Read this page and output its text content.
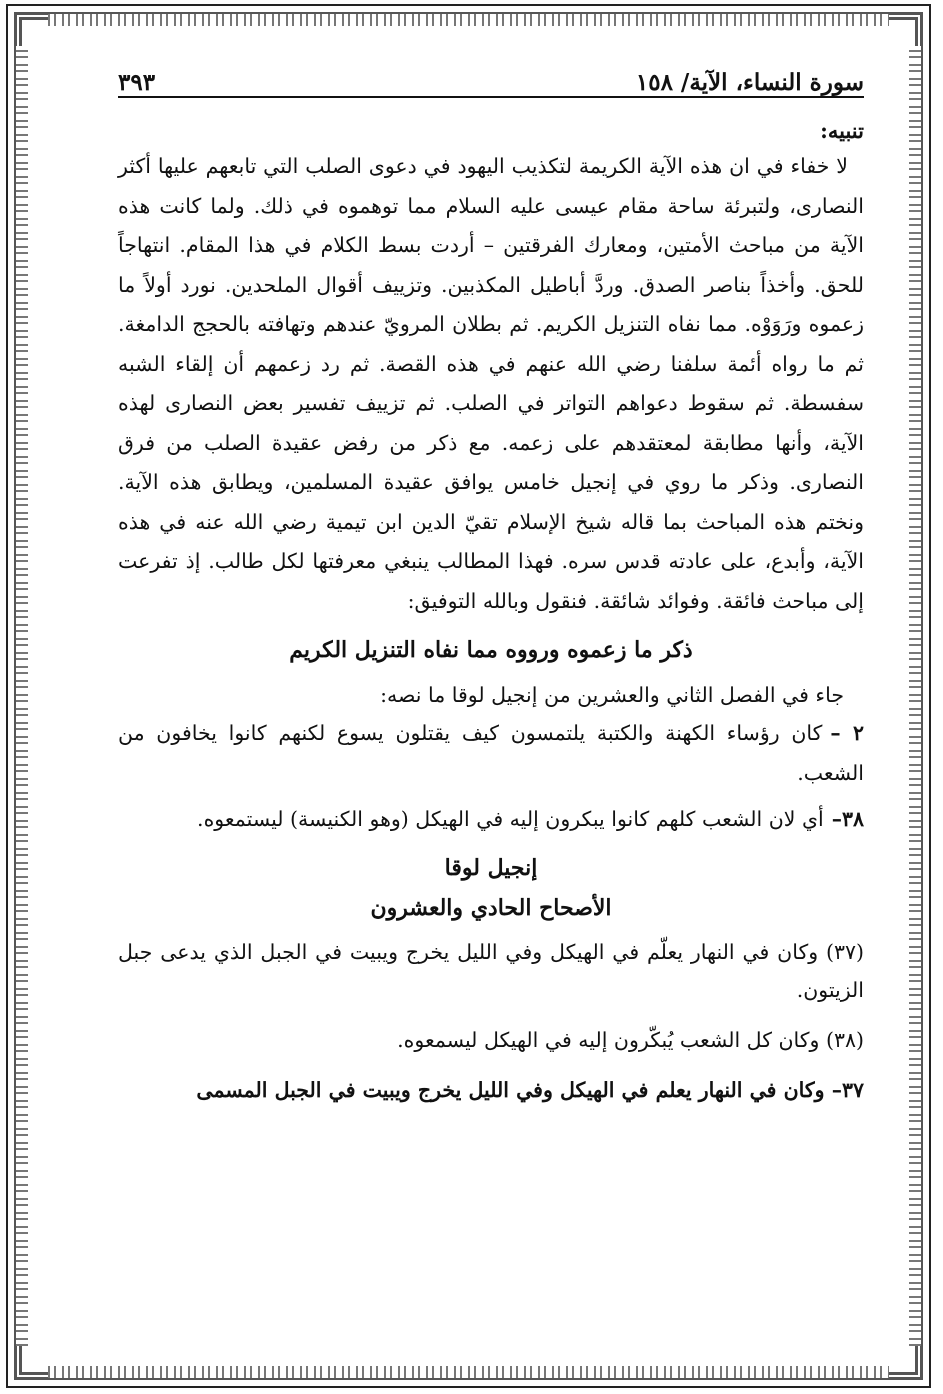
سورة النساء، الآية/ ١٥٨
٣٩٣
تنبيه:

لا خفاء في ان هذه الآية الكريمة لتكذيب اليهود في دعوى الصلب التي تابعهم عليها أكثر النصارى، ولتبرئة ساحة مقام عيسى عليه السلام مما توهموه في ذلك. ولما كانت هذه الآية من مباحث الأمتين، ومعارك الفرقتين – أردت بسط الكلام في هذا المقام. انتهاجاً للحق. وأخذاً بناصر الصدق. وردَّ أباطيل المكذبين. وتزييف أقوال الملحدين. نورد أولاً ما زعموه ورَوَوْه. مما نفاه التنزيل الكريم. ثم بطلان المرويّ عندهم وتهافته بالحجج الدامغة. ثم ما رواه أئمة سلفنا رضي الله عنهم في هذه القصة. ثم رد زعمهم أن إلقاء الشبه سفسطة. ثم سقوط دعواهم التواتر في الصلب. ثم تزييف تفسير بعض النصارى لهذه الآية، وأنها مطابقة لمعتقدهم على زعمه. مع ذكر من رفض عقيدة الصلب من فرق النصارى. وذكر ما روي في إنجيل خامس يوافق عقيدة المسلمين، ويطابق هذه الآية. ونختم هذه المباحث بما قاله شيخ الإسلام تقيّ الدين ابن تيمية رضي الله عنه في هذه الآية، وأبدع، على عادته قدس سره. فهذا المطالب ينبغي معرفتها لكل طالب. إذ تفرعت إلى مباحث فائقة. وفوائد شائقة. فنقول وبالله التوفيق:

ذكر ما زعموه ورووه مما نفاه التنزيل الكريم
جاء في الفصل الثاني والعشرين من إنجيل لوقا ما نصه:
٢ –كان رؤساء الكهنة والكتبة يلتمسون كيف يقتلون يسوع لكنهم كانوا يخافون من الشعب.
٣٨–أي لان الشعب كلهم كانوا يبكرون إليه في الهيكل (وهو الكنيسة) ليستمعوه.
إنجيل لوقا
الأصحاح الحادي والعشرون
(٣٧) وكان في النهار يعلّم في الهيكل وفي الليل يخرج ويبيت في الجبل الذي يدعى جبل الزيتون.
(٣٨) وكان كل الشعب يُبكّرون إليه في الهيكل ليسمعوه.
٣٧– وكان في النهار يعلم في الهيكل وفي الليل يخرج ويبيت في الجبل المسمى
